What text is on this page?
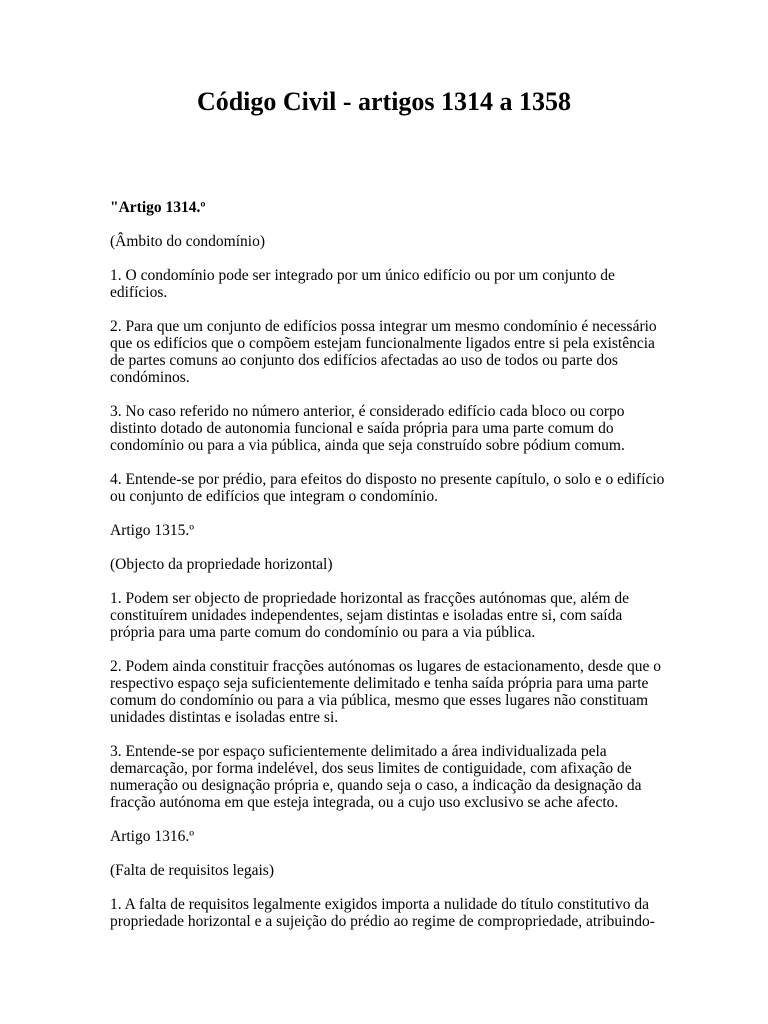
Código Civil - artigos 1314 a 1358

"Artigo 1314.º

(Âmbito do condomínio)

1. O condomínio pode ser integrado por um único edifício ou por um conjunto de edifícios.

2. Para que um conjunto de edifícios possa integrar um mesmo condomínio é necessário que os edifícios que o compõem estejam funcionalmente ligados entre si pela existência de partes comuns ao conjunto dos edifícios afectadas ao uso de todos ou parte dos condóminos.

3. No caso referido no número anterior, é considerado edifício cada bloco ou corpo distinto dotado de autonomia funcional e saída própria para uma parte comum do condomínio ou para a via pública, ainda que seja construído sobre pódium comum.

4. Entende-se por prédio, para efeitos do disposto no presente capítulo, o solo e o edifício ou conjunto de edifícios que integram o condomínio.

Artigo 1315.º

(Objecto da propriedade horizontal)

1. Podem ser objecto de propriedade horizontal as fracções autónomas que, além de constituírem unidades independentes, sejam distintas e isoladas entre si, com saída própria para uma parte comum do condomínio ou para a via pública.

2. Podem ainda constituir fracções autónomas os lugares de estacionamento, desde que o respectivo espaço seja suficientemente delimitado e tenha saída própria para uma parte comum do condomínio ou para a via pública, mesmo que esses lugares não constituam unidades distintas e isoladas entre si.

3. Entende-se por espaço suficientemente delimitado a área individualizada pela demarcação, por forma indelével, dos seus limites de contiguidade, com afixação de numeração ou designação própria e, quando seja o caso, a indicação da designação da fracção autónoma em que esteja integrada, ou a cujo uso exclusivo se ache afecto.

Artigo 1316.º

(Falta de requisitos legais)

1. A falta de requisitos legalmente exigidos importa a nulidade do título constitutivo da propriedade horizontal e a sujeição do prédio ao regime de compropriedade, atribuindo-
